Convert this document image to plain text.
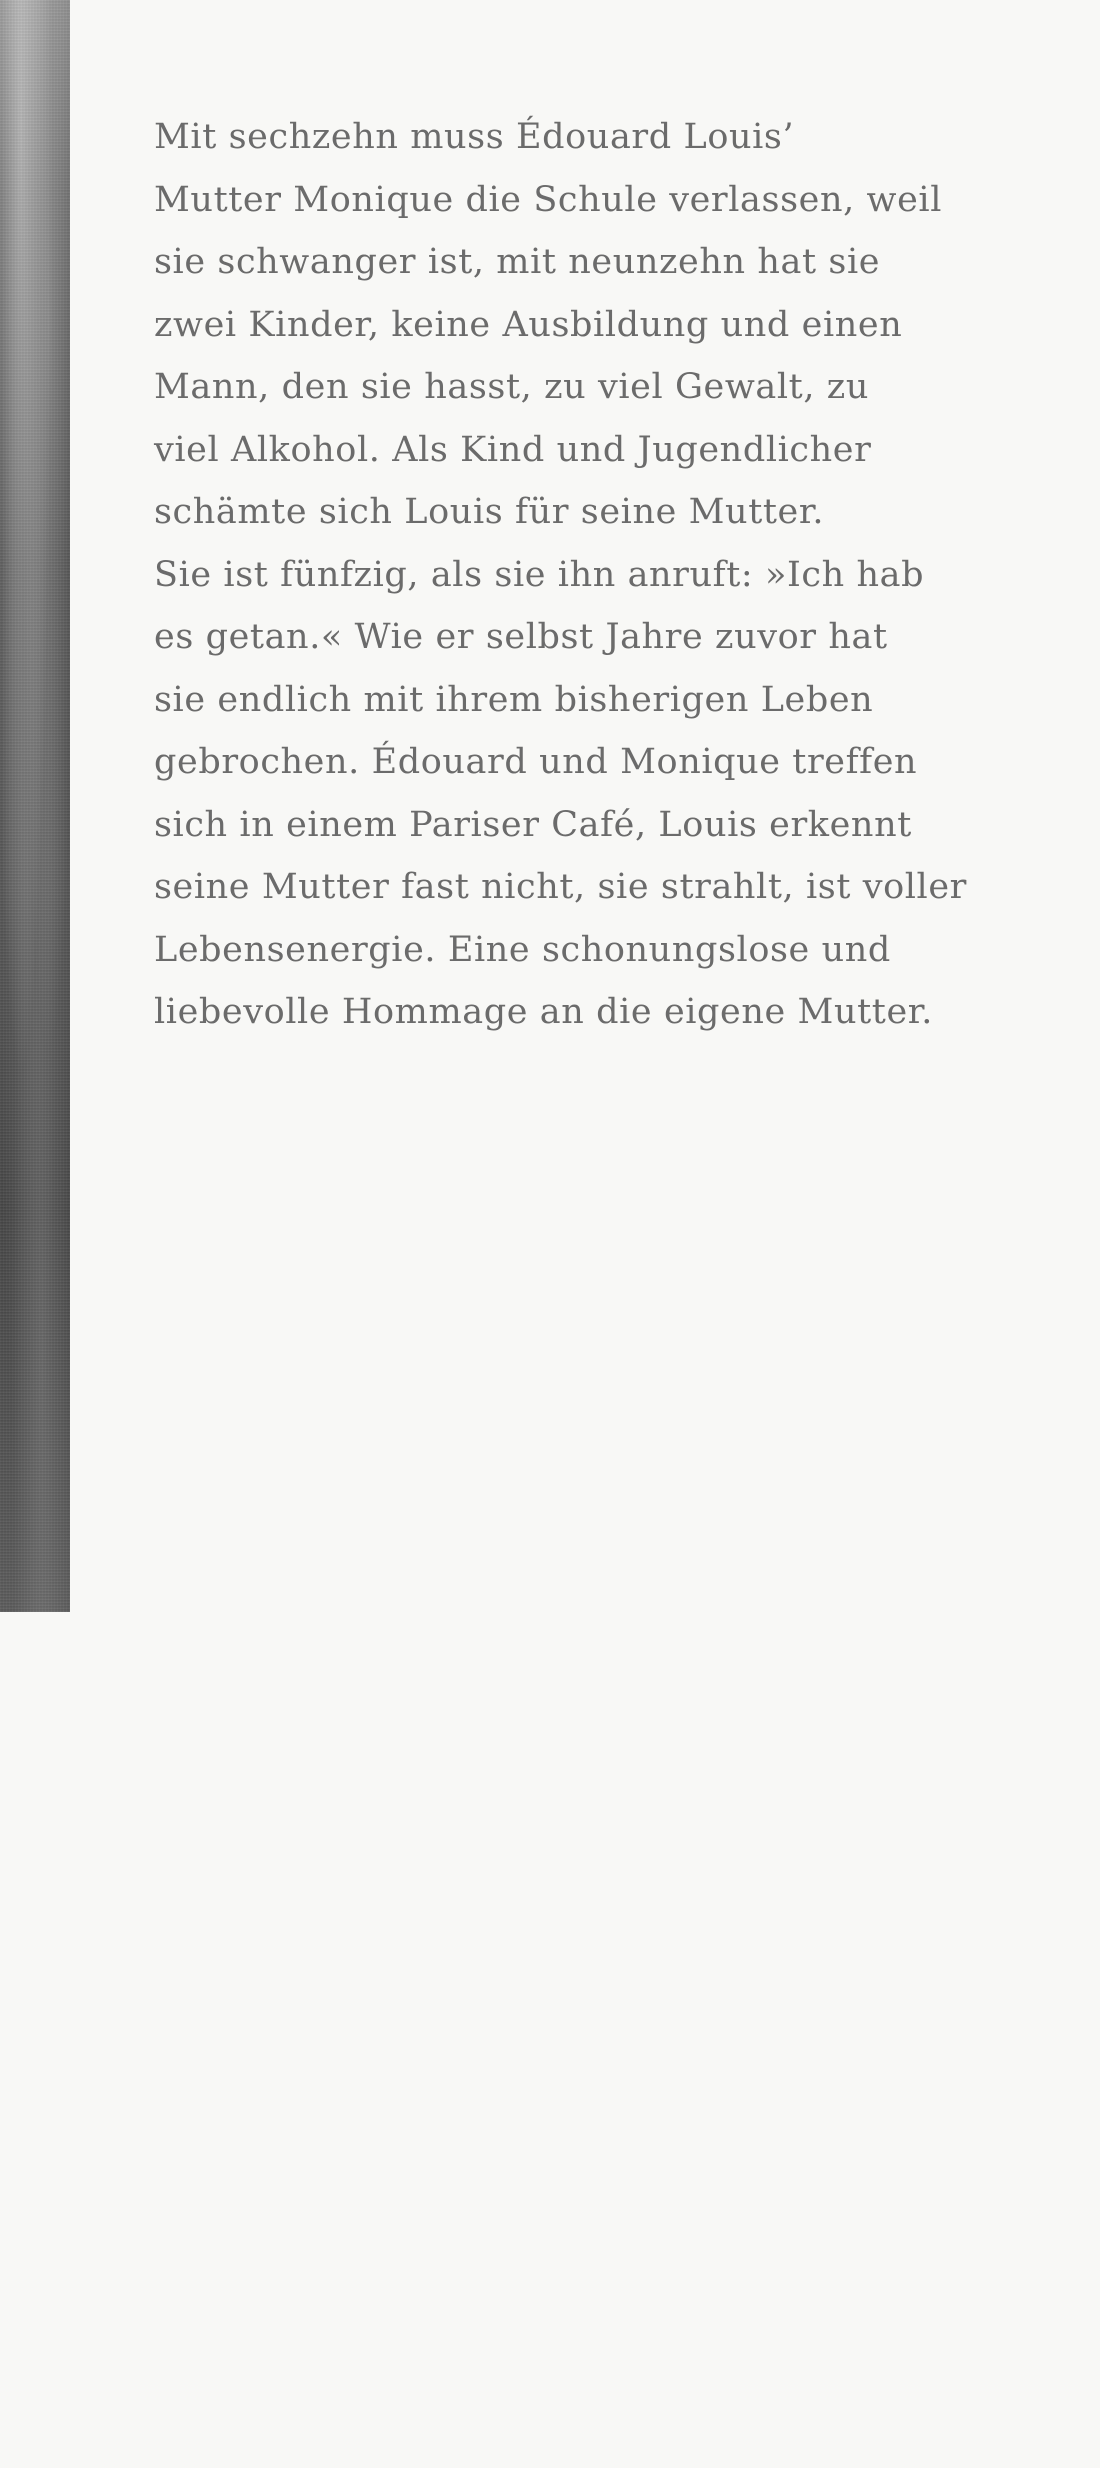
Mit sechzehn muss Édouard Louis’
Mutter Monique die Schule verlassen, weil
sie schwanger ist, mit neunzehn hat sie
zwei Kinder, keine Ausbildung und einen
Mann, den sie hasst, zu viel Gewalt, zu
viel Alkohol. Als Kind und Jugendlicher
schämte sich Louis für seine Mutter.
Sie ist fünfzig, als sie ihn anruft: »Ich hab
es getan.« Wie er selbst Jahre zuvor hat
sie endlich mit ihrem bisherigen Leben
gebrochen. Édouard und Monique treffen
sich in einem Pariser Café, Louis erkennt
seine Mutter fast nicht, sie strahlt, ist voller
Lebensenergie. Eine schonungslose und
liebevolle Hommage an die eigene Mutter.
